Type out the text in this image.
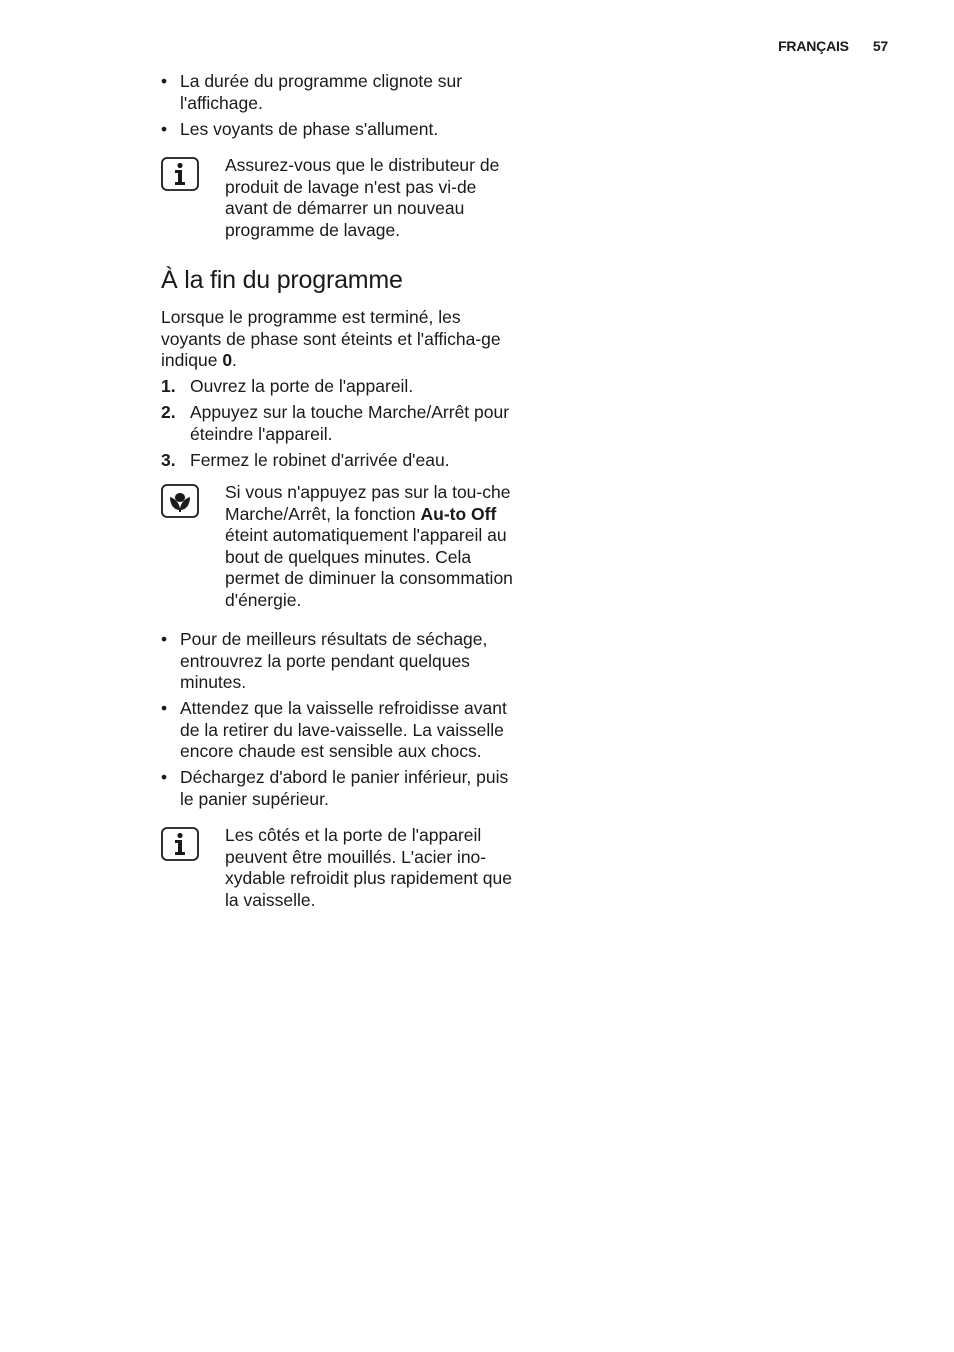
FRANÇAIS 57
• La durée du programme clignote sur l'affichage.
• Les voyants de phase s'allument.

Assurez-vous que le distributeur de produit de lavage n'est pas vi-de avant de démarrer un nouveau programme de lavage.

À la fin du programme

Lorsque le programme est terminé, les voyants de phase sont éteints et l'afficha-ge indique 0.

1. Ouvrez la porte de l'appareil.
2. Appuyez sur la touche Marche/Arrêt pour éteindre l'appareil.
3. Fermez le robinet d'arrivée d'eau.

Si vous n'appuyez pas sur la tou-che Marche/Arrêt, la fonction Au-to Off éteint automatiquement l'appareil au bout de quelques minutes. Cela permet de diminuer la consommation d'énergie.

• Pour de meilleurs résultats de séchage, entrouvrez la porte pendant quelques minutes.
• Attendez que la vaisselle refroidisse avant de la retirer du lave-vaisselle. La vaisselle encore chaude est sensible aux chocs.
• Déchargez d'abord le panier inférieur, puis le panier supérieur.

Les côtés et la porte de l'appareil peuvent être mouillés. L'acier ino-xydable refroidit plus rapidement que la vaisselle.
